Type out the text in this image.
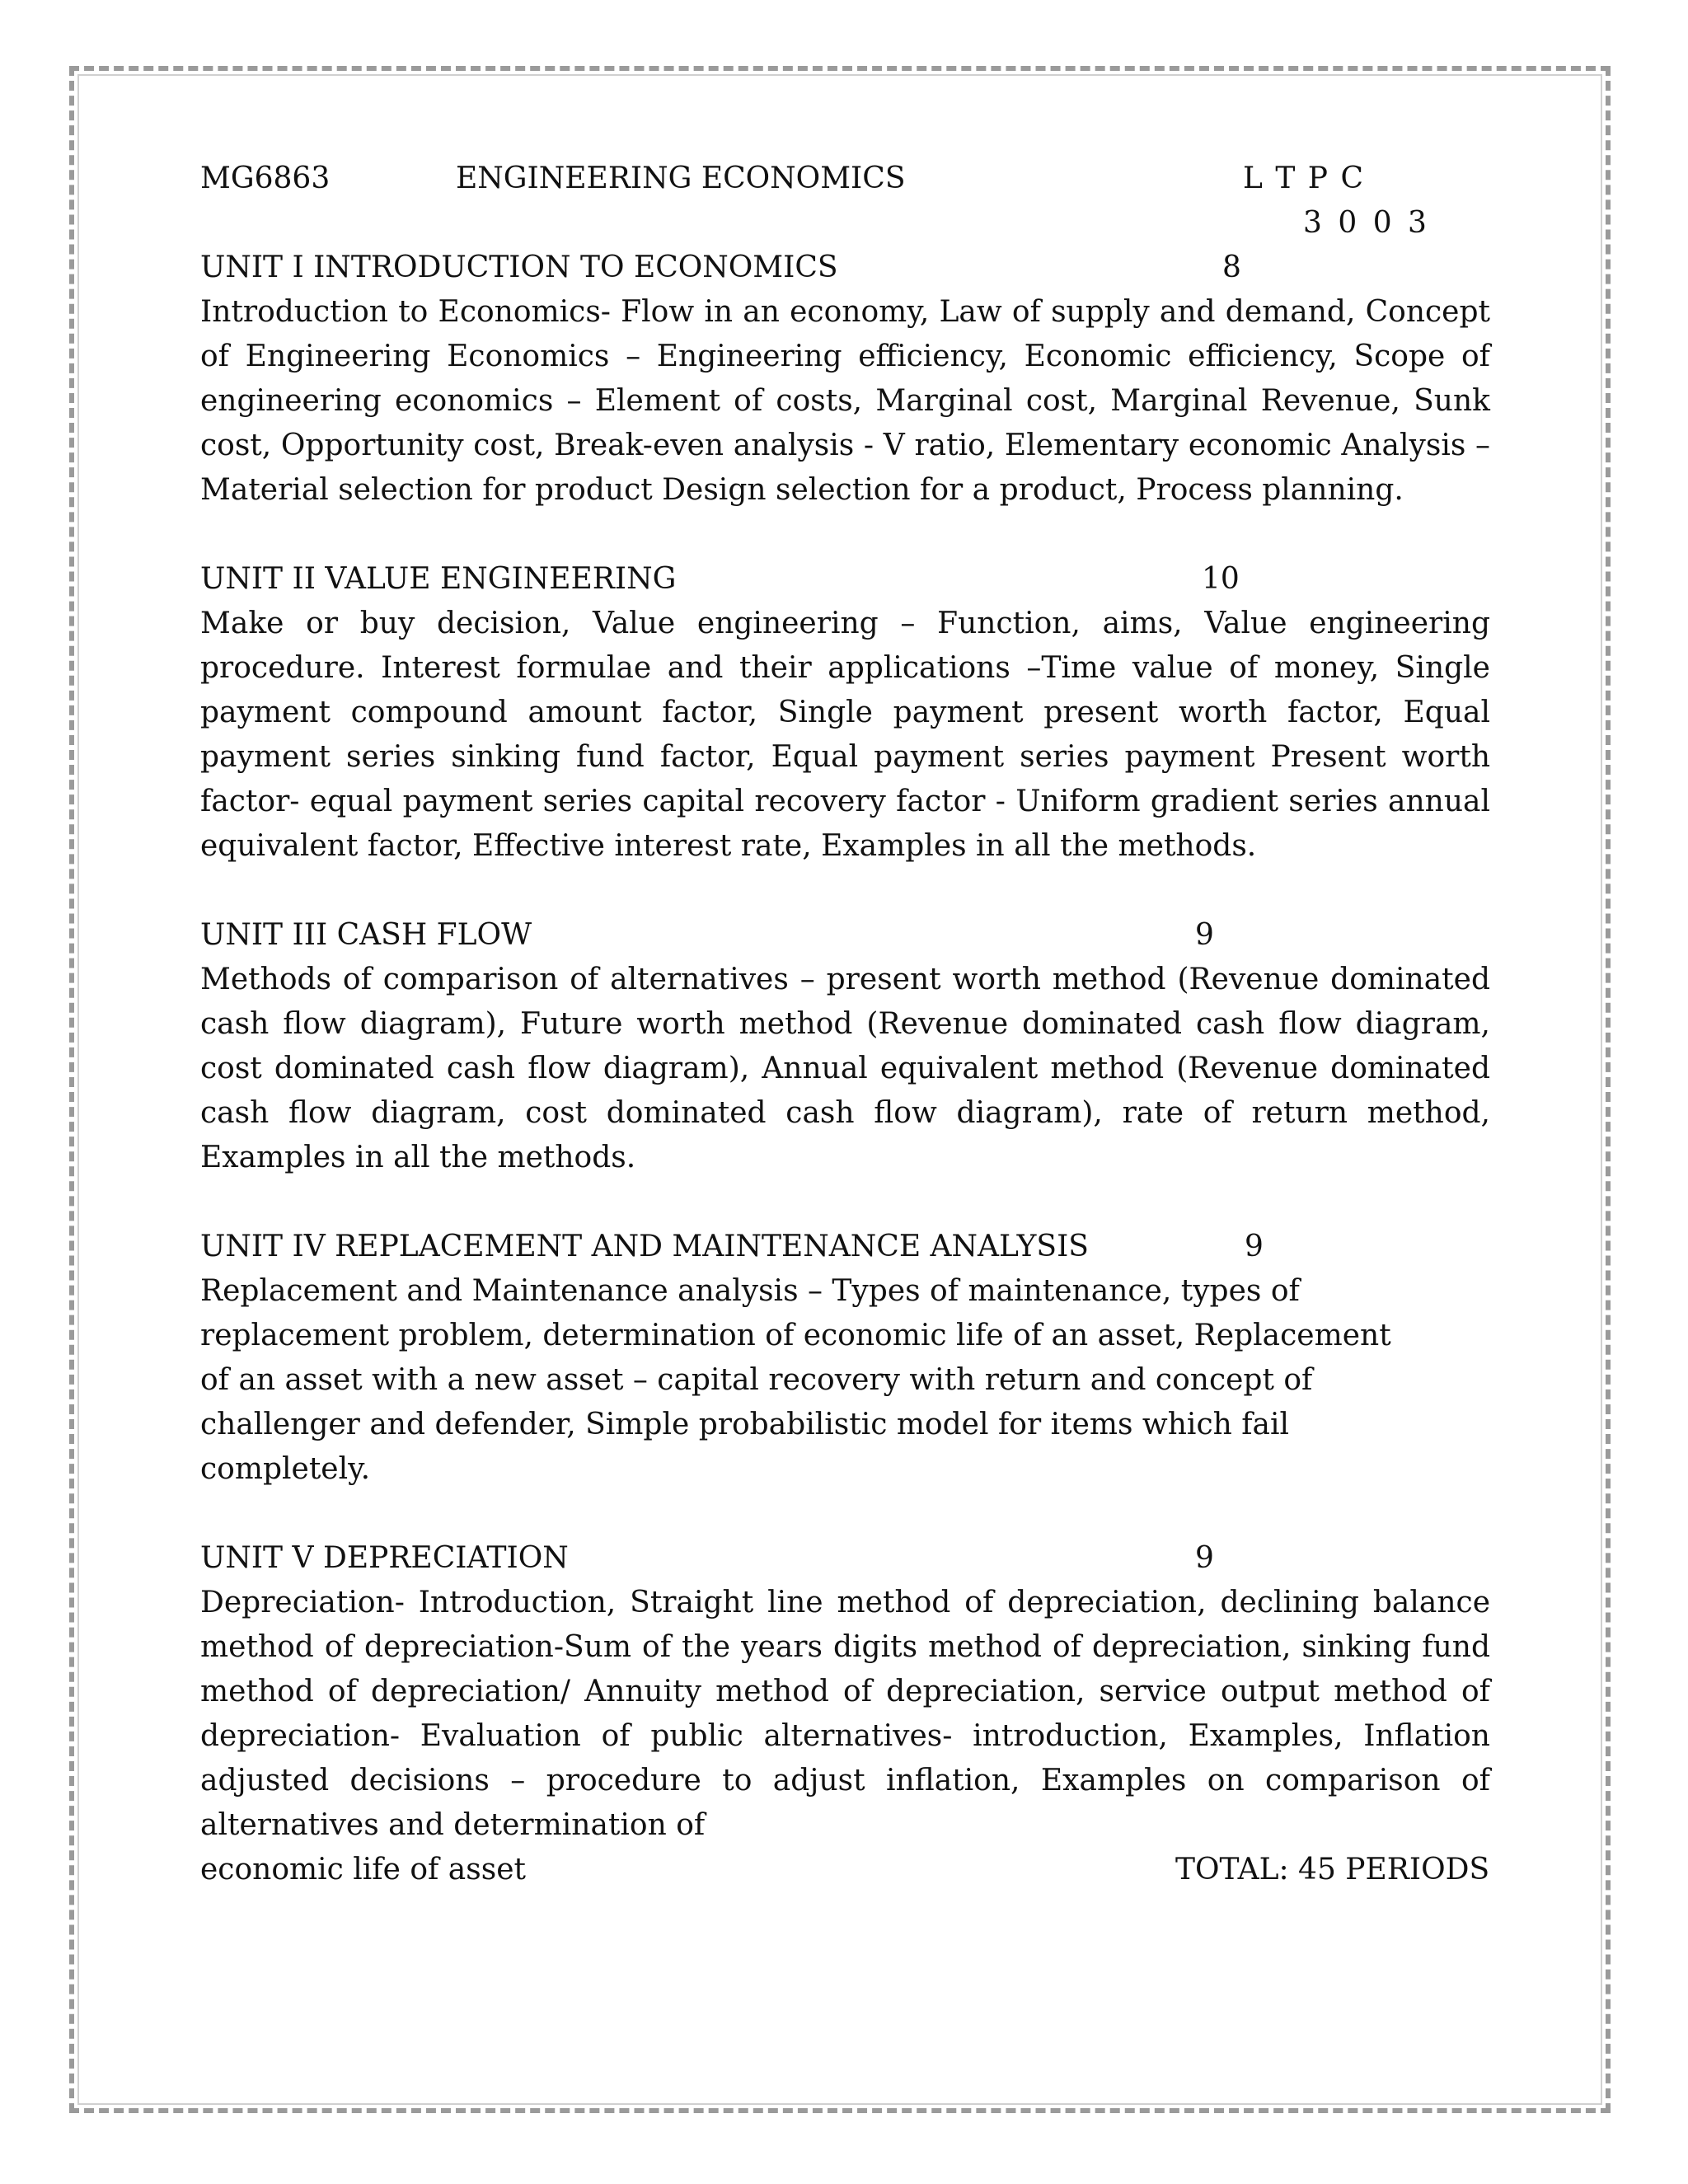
MG6863	ENGINEERING ECONOMICS	L T P C
3 0 0 3
UNIT I INTRODUCTION TO ECONOMICS	8

Introduction to Economics- Flow in an economy, Law of supply and demand, Concept of Engineering Economics – Engineering efficiency, Economic efficiency, Scope of engineering economics – Element of costs, Marginal cost, Marginal Revenue, Sunk cost, Opportunity cost, Break-even analysis - V ratio, Elementary economic Analysis – Material selection for product Design selection for a product, Process planning.

UNIT II VALUE ENGINEERING	10

Make or buy decision, Value engineering – Function, aims, Value engineering procedure. Interest formulae and their applications –Time value of money, Single payment compound amount factor, Single payment present worth factor, Equal payment series sinking fund factor, Equal payment series payment Present worth factor- equal payment series capital recovery factor - Uniform gradient series annual equivalent factor, Effective interest rate, Examples in all the methods.

UNIT III CASH FLOW	9

Methods of comparison of alternatives – present worth method (Revenue dominated cash flow diagram), Future worth method (Revenue dominated cash flow diagram, cost dominated cash flow diagram), Annual equivalent method (Revenue dominated cash flow diagram, cost dominated cash flow diagram), rate of return method, Examples in all the methods.

UNIT IV REPLACEMENT AND MAINTENANCE ANALYSIS	9

Replacement and Maintenance analysis – Types of maintenance, types of replacement problem, determination of economic life of an asset, Replacement of an asset with a new asset – capital recovery with return and concept of challenger and defender, Simple probabilistic model for items which fail completely.

UNIT V DEPRECIATION	9

Depreciation- Introduction, Straight line method of depreciation, declining balance method of depreciation-Sum of the years digits method of depreciation, sinking fund method of depreciation/ Annuity method of depreciation, service output method of depreciation- Evaluation of public alternatives- introduction, Examples, Inflation adjusted decisions – procedure to adjust inflation, Examples on comparison of alternatives and determination of

economic life of asset	TOTAL: 45 PERIODS
